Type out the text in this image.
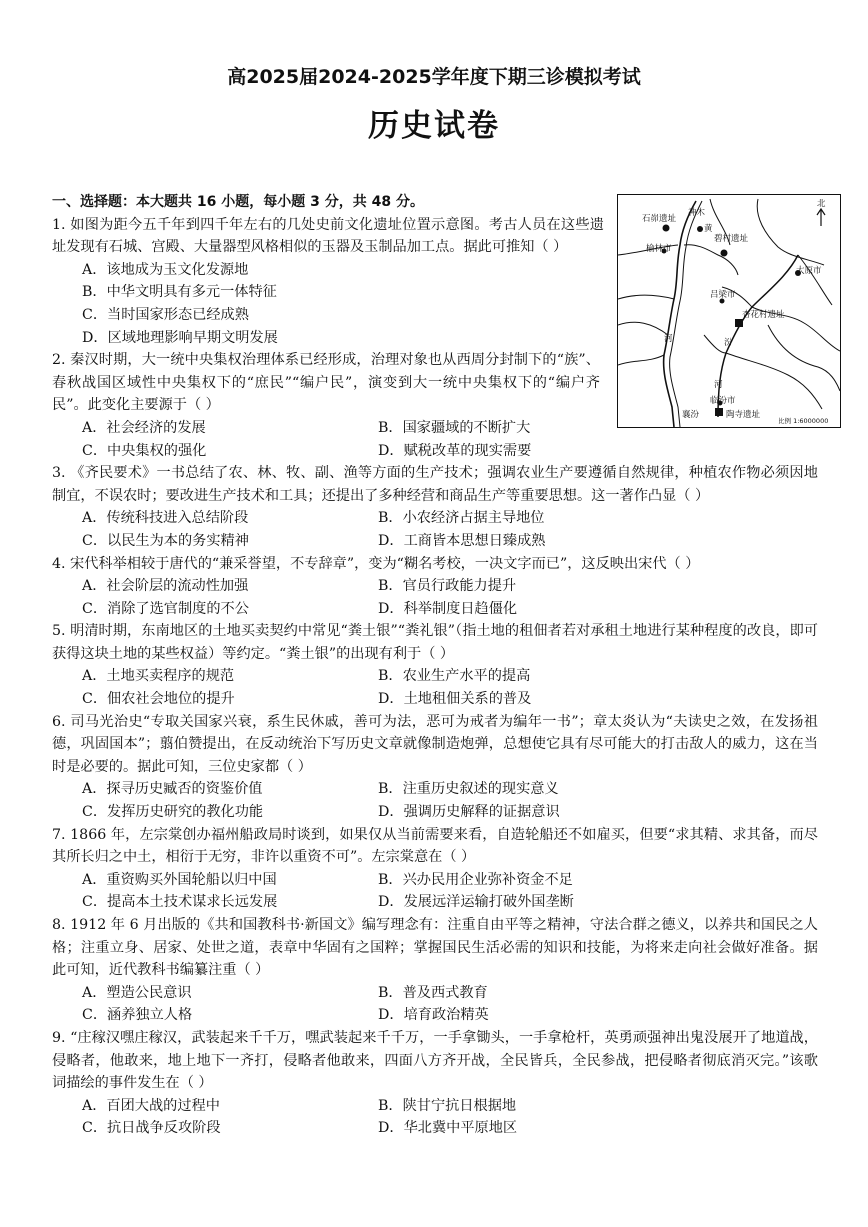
高2025届2024-2025学年度下期三诊模拟考试
历史试卷
北
石峁遗址
神木
黄
碧村遗址
榆林市
太原市
吕梁市
杏花村遗址
河	汾
河
临汾市
陶寺遗址
襄汾
比例 1:6000000

一、选择题：本大题共 16 小题，每小题 3 分，共 48 分。

1. 如图为距今五千年到四千年左右的几处史前文化遗址位置示意图。考古人员在这些遗址发现有石城、宫殿、大量器型风格相似的玉器及玉制品加工点。据此可推知（ ）

A．该地成为玉文化发源地
B．中华文明具有多元一体特征
C．当时国家形态已经成熟
D．区域地理影响早期文明发展

2. 秦汉时期，大一统中央集权治理体系已经形成，治理对象也从西周分封制下的“族”、春秋战国区域性中央集权下的“庶民”“编户民”，演变到大一统中央集权下的“编户齐民”。此变化主要源于（ ）

A．社会经济的发展	B．国家疆域的不断扩大
C．中央集权的强化	D．赋税改革的现实需要

3. 《齐民要术》一书总结了农、林、牧、副、渔等方面的生产技术；强调农业生产要遵循自然规律，种植农作物必须因地制宜，不误农时；要改进生产技术和工具；还提出了多种经营和商品生产等重要思想。这一著作凸显（ ）

A．传统科技进入总结阶段	B．小农经济占据主导地位
C．以民生为本的务实精神	D．工商皆本思想日臻成熟

4. 宋代科举相较于唐代的“兼采誉望，不专辞章”，变为“糊名考校，一决文字而已”，这反映出宋代（ ）

A．社会阶层的流动性加强	B．官员行政能力提升
C．消除了选官制度的不公	D．科举制度日趋僵化

5. 明清时期，东南地区的土地买卖契约中常见“粪土银”“粪礼银”（指土地的租佃者若对承租土地进行某种程度的改良，即可获得这块土地的某些权益）等约定。“粪土银”的出现有利于（ ）

A．土地买卖程序的规范	B．农业生产水平的提高
C．佃农社会地位的提升	D．土地租佃关系的普及

6. 司马光治史“专取关国家兴衰，系生民休戚，善可为法，恶可为戒者为编年一书”；章太炎认为“夫读史之效，在发扬祖德，巩固国本”；翦伯赞提出，在反动统治下写历史文章就像制造炮弹，总想使它具有尽可能大的打击敌人的威力，这在当时是必要的。据此可知，三位史家都（ ）

A．探寻历史臧否的资鉴价值	B．注重历史叙述的现实意义
C．发挥历史研究的教化功能	D．强调历史解释的证据意识

7. 1866 年，左宗棠创办福州船政局时谈到，如果仅从当前需要来看，自造轮船还不如雇买，但要“求其精、求其备，而尽其所长归之中土，相衍于无穷，非许以重资不可”。左宗棠意在（ ）

A．重资购买外国轮船以归中国	B．兴办民用企业弥补资金不足
C．提高本土技术谋求长远发展	D．发展远洋运输打破外国垄断

8. 1912 年 6 月出版的《共和国教科书·新国文》编写理念有：注重自由平等之精神，守法合群之德义，以养共和国民之人格；注重立身、居家、处世之道，表章中华固有之国粹；掌握国民生活必需的知识和技能，为将来走向社会做好准备。据此可知，近代教科书编纂注重（ ）

A．塑造公民意识	B．普及西式教育
C．涵养独立人格	D．培育政治精英

9. “庄稼汉嘿庄稼汉，武装起来千千万，嘿武装起来千千万，一手拿锄头，一手拿枪杆，英勇顽强神出鬼没展开了地道战，侵略者，他敢来，地上地下一齐打，侵略者他敢来，四面八方齐开战，全民皆兵，全民参战，把侵略者彻底消灭完。”该歌词描绘的事件发生在（ ）

A．百团大战的过程中	B．陕甘宁抗日根据地
C．抗日战争反攻阶段	D．华北冀中平原地区
